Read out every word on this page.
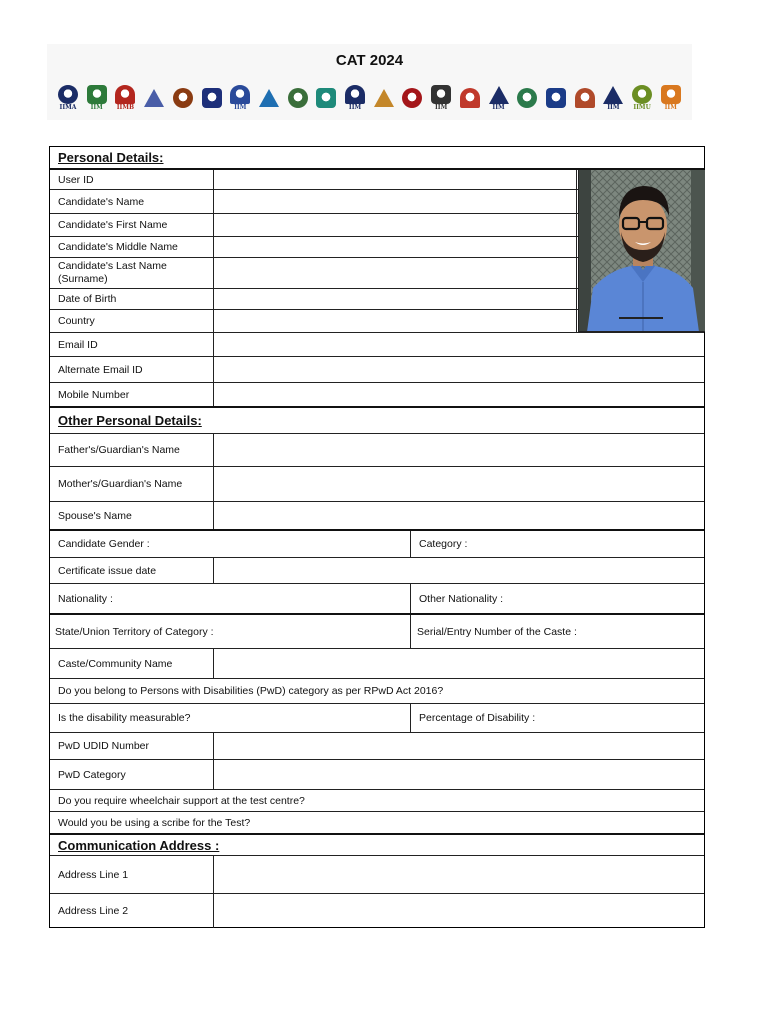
CAT 2024
IIMA IIM IIMB	IIM	IIM	IIM	IIM	IIM IIMU IIM
Personal Details:
User ID
Candidate's Name
Candidate's First Name
Candidate's Middle Name
Candidate's Last Name
(Surname)
Date of Birth
Country
Email ID
Alternate Email ID
Mobile Number
Other Personal Details:
Father's/Guardian's Name
Mother's/Guardian's Name
Spouse's Name
Candidate Gender :	Category :
Certificate issue date
Nationality :	Other Nationality :
State/Union Territory of Category :	Serial/Entry Number of the Caste :
Caste/Community Name
Do you belong to Persons with Disabilities (PwD) category as per RPwD Act 2016?
Is the disability measurable?	Percentage of Disability :
PwD UDID Number
PwD Category
Do you require wheelchair support at the test centre?
Would you be using a scribe for the Test?
Communication Address :
Address Line 1
Address Line 2
